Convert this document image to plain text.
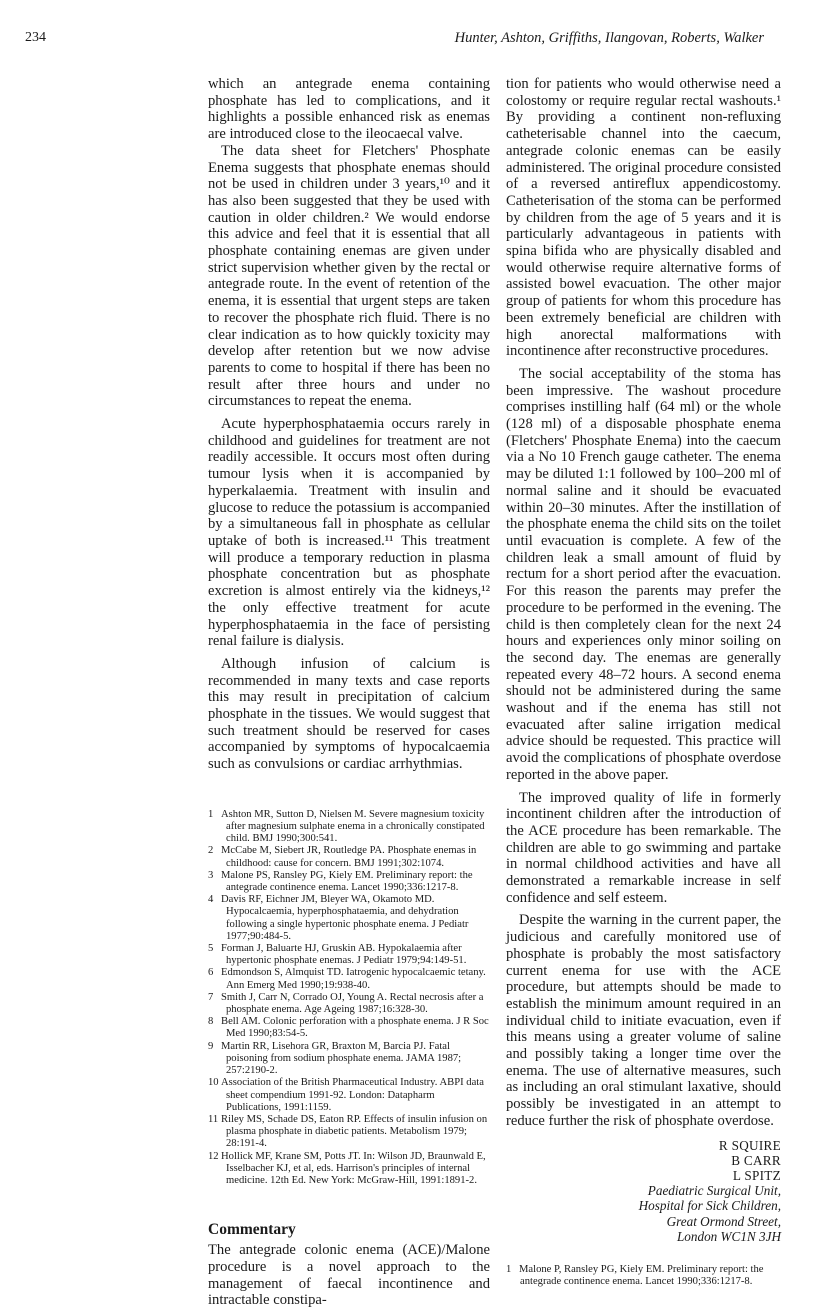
234	Hunter, Ashton, Griffiths, Ilangovan, Roberts, Walker

which an antegrade enema containing phosphate has led to complications, and it highlights a possible enhanced risk as enemas are introduced close to the ileocaecal valve.

The data sheet for Fletchers' Phosphate Enema suggests that phosphate enemas should not be used in children under 3 years,¹⁰ and it has also been suggested that they be used with caution in older children.² We would endorse this advice and feel that it is essential that all phosphate containing enemas are given under strict supervision whether given by the rectal or antegrade route. In the event of retention of the enema, it is essential that urgent steps are taken to recover the phosphate rich fluid. There is no clear indication as to how quickly toxicity may develop after retention but we now advise parents to come to hospital if there has been no result after three hours and under no circumstances to repeat the enema.

Acute hyperphosphataemia occurs rarely in childhood and guidelines for treatment are not readily accessible. It occurs most often during tumour lysis when it is accompanied by hyperkalaemia. Treatment with insulin and glucose to reduce the potassium is accompanied by a simultaneous fall in phosphate as cellular uptake of both is increased.¹¹ This treatment will produce a temporary reduction in plasma phosphate concentration but as phosphate excretion is almost entirely via the kidneys,¹² the only effective treatment for acute hyperphosphataemia in the face of persisting renal failure is dialysis.

Although infusion of calcium is recommended in many texts and case reports this may result in precipitation of calcium phosphate in the tissues. We would suggest that such treatment should be reserved for cases accompanied by symptoms of hypocalcaemia such as convulsions or cardiac arrhythmias.

1 Ashton MR, Sutton D, Nielsen M. Severe magnesium toxicity after magnesium sulphate enema in a chronically constipated child. BMJ 1990;300:541.
2 McCabe M, Siebert JR, Routledge PA. Phosphate enemas in childhood: cause for concern. BMJ 1991;302:1074.
3 Malone PS, Ransley PG, Kiely EM. Preliminary report: the antegrade continence enema. Lancet 1990;336:1217-8.
4 Davis RF, Eichner JM, Bleyer WA, Okamoto MD. Hypocalcaemia, hyperphosphataemia, and dehydration following a single hypertonic phosphate enema. J Pediatr 1977;90:484-5.
5 Forman J, Baluarte HJ, Gruskin AB. Hypokalaemia after hypertonic phosphate enemas. J Pediatr 1979;94:149-51.
6 Edmondson S, Almquist TD. Iatrogenic hypocalcaemic tetany. Ann Emerg Med 1990;19:938-40.
7 Smith J, Carr N, Corrado OJ, Young A. Rectal necrosis after a phosphate enema. Age Ageing 1987;16:328-30.
8 Bell AM. Colonic perforation with a phosphate enema. J R Soc Med 1990;83:54-5.
9 Martin RR, Lisehora GR, Braxton M, Barcia PJ. Fatal poisoning from sodium phosphate enema. JAMA 1987; 257:2190-2.
10 Association of the British Pharmaceutical Industry. ABPI data sheet compendium 1991-92. London: Datapharm Publications, 1991:1159.
11 Riley MS, Schade DS, Eaton RP. Effects of insulin infusion on plasma phosphate in diabetic patients. Metabolism 1979; 28:191-4.
12 Hollick MF, Krane SM, Potts JT. In: Wilson JD, Braunwald E, Isselbacher KJ, et al, eds. Harrison's principles of internal medicine. 12th Ed. New York: McGraw-Hill, 1991:1891-2.
Commentary

The antegrade colonic enema (ACE)/Malone procedure is a novel approach to the management of faecal incontinence and intractable constipa-

tion for patients who would otherwise need a colostomy or require regular rectal washouts.¹ By providing a continent non-refluxing catheterisable channel into the caecum, antegrade colonic enemas can be easily administered. The original procedure consisted of a reversed antireflux appendicostomy. Catheterisation of the stoma can be performed by children from the age of 5 years and it is particularly advantageous in patients with spina bifida who are physically disabled and would otherwise require alternative forms of assisted bowel evacuation. The other major group of patients for whom this procedure has been extremely beneficial are children with high anorectal malformations with incontinence after reconstructive procedures.

The social acceptability of the stoma has been impressive. The washout procedure comprises instilling half (64 ml) or the whole (128 ml) of a disposable phosphate enema (Fletchers' Phosphate Enema) into the caecum via a No 10 French gauge catheter. The enema may be diluted 1:1 followed by 100–200 ml of normal saline and it should be evacuated within 20–30 minutes. After the instillation of the phosphate enema the child sits on the toilet until evacuation is complete. A few of the children leak a small amount of fluid by rectum for a short period after the evacuation. For this reason the parents may prefer the procedure to be performed in the evening. The child is then completely clean for the next 24 hours and experiences only minor soiling on the second day. The enemas are generally repeated every 48–72 hours. A second enema should not be administered during the same washout and if the enema has still not evacuated after saline irrigation medical advice should be requested. This practice will avoid the complications of phosphate overdose reported in the above paper.

The improved quality of life in formerly incontinent children after the introduction of the ACE procedure has been remarkable. The children are able to go swimming and partake in normal childhood activities and have all demonstrated a remarkable increase in self confidence and self esteem.

Despite the warning in the current paper, the judicious and carefully monitored use of phosphate is probably the most satisfactory current enema for use with the ACE procedure, but attempts should be made to establish the minimum amount required in an individual child to initiate evacuation, even if this means using a greater volume of saline and possibly taking a longer time over the enema. The use of alternative measures, such as including an oral stimulant laxative, should possibly be investigated in an attempt to reduce further the risk of phosphate overdose.

R SQUIRE
B CARR
L SPITZ
Paediatric Surgical Unit,
Hospital for Sick Children,
Great Ormond Street,
London WC1N 3JH
1 Malone P, Ransley PG, Kiely EM. Preliminary report: the antegrade continence enema. Lancet 1990;336:1217-8.
